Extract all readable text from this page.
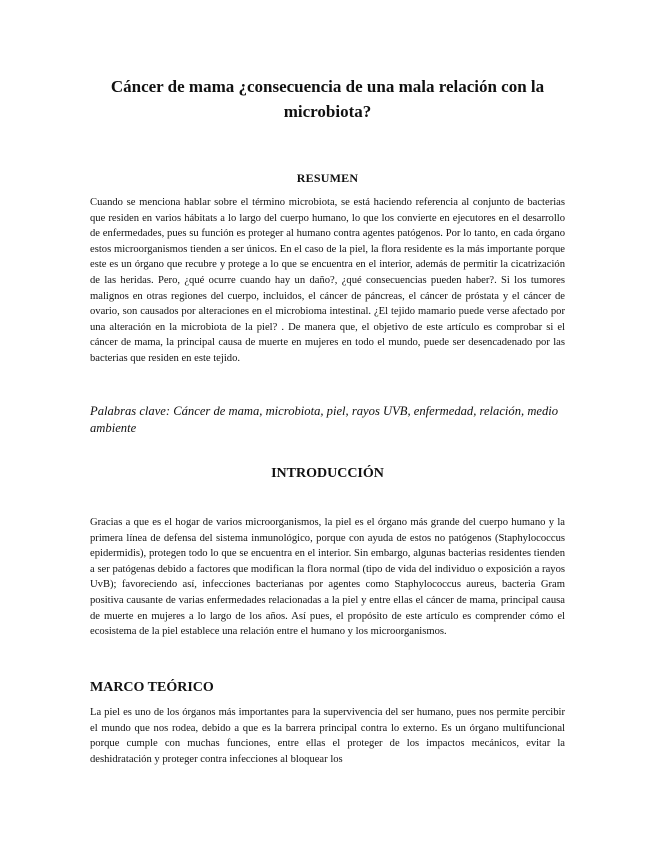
Cáncer de mama ¿consecuencia de una mala relación con la microbiota?
RESUMEN

Cuando se menciona hablar sobre el término microbiota, se está haciendo referencia al conjunto de bacterias que residen en varios hábitats a lo largo del cuerpo humano, lo que los convierte en ejecutores en el desarrollo de enfermedades, pues su función es proteger al humano contra agentes patógenos. Por lo tanto, en cada órgano estos microorganismos tienden a ser únicos. En el caso de la piel, la flora residente es la más importante porque este es un órgano que recubre y protege a lo que se encuentra en el interior, además de permitir la cicatrización de las heridas. Pero, ¿qué ocurre cuando hay un daño?, ¿qué consecuencias pueden haber?. Si los tumores malignos en otras regiones del cuerpo, incluidos, el cáncer de páncreas, el cáncer de próstata y el cáncer de ovario, son causados por alteraciones en el microbioma intestinal. ¿El tejido mamario puede verse afectado por una alteración en la microbiota de la piel? . De manera que, el objetivo de este artículo es comprobar si el cáncer de mama, la principal causa de muerte en mujeres en todo el mundo, puede ser desencadenado por las bacterias que residen en este tejido.

Palabras clave: Cáncer de mama, microbiota, piel, rayos UVB, enfermedad, relación, medio ambiente

INTRODUCCIÓN

Gracias a que es el hogar de varios microorganismos, la piel es el órgano más grande del cuerpo humano y la primera línea de defensa del sistema inmunológico, porque con ayuda de estos no patógenos (Staphylococcus epidermidis), protegen todo lo que se encuentra en el interior. Sin embargo, algunas bacterias residentes tienden a ser patógenas debido a factores que modifican la flora normal (tipo de vida del individuo o exposición a rayos UvB); favoreciendo así, infecciones bacterianas por agentes como Staphylococcus aureus, bacteria Gram positiva causante de varias enfermedades relacionadas a la piel y entre ellas el cáncer de mama, principal causa de muerte en mujeres a lo largo de los años. Así pues, el propósito de este artículo es comprender cómo el ecosistema de la piel establece una relación entre el humano y los microorganismos.

MARCO TEÓRICO

La piel es uno de los órganos más importantes para la supervivencia del ser humano, pues nos permite percibir el mundo que nos rodea, debido a que es la barrera principal contra lo externo. Es un órgano multifuncional porque cumple con muchas funciones, entre ellas el proteger de los impactos mecánicos, evitar la deshidratación y proteger contra infecciones al bloquear los
